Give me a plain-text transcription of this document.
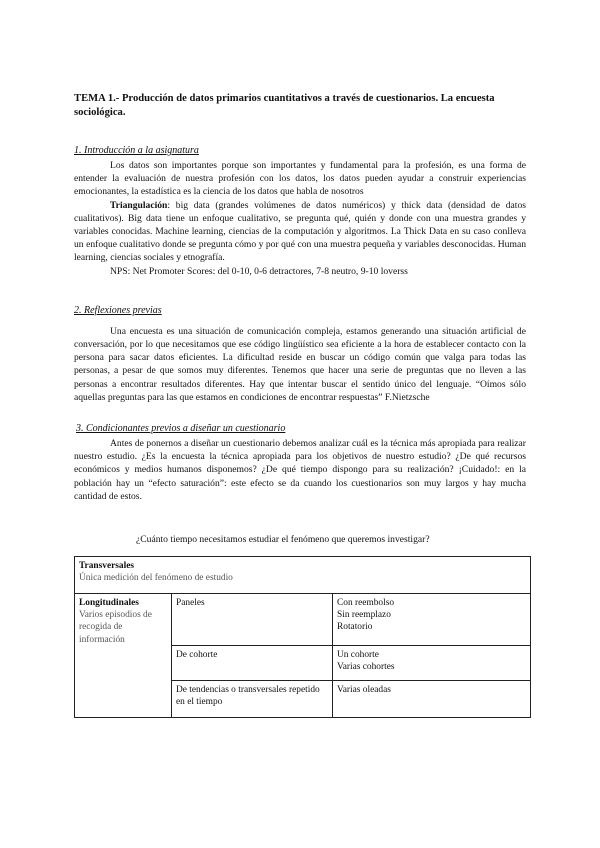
TEMA 1.- Producción de datos primarios cuantitativos a través de cuestionarios. La encuesta sociológica.
1. Introducción a la asignatura

Los datos son importantes porque son importantes y fundamental para la profesión, es una forma de entender la evaluación de nuestra profesión con los datos, los datos pueden ayudar a construir experiencias emocionantes, la estadística es la ciencia de los datos que habla de nosotros

Triangulación: big data (grandes volúmenes de datos numéricos) y thick data (densidad de datos cualitativos). Big data tiene un enfoque cualitativo, se pregunta qué, quién y donde con una muestra grandes y variables conocidas. Machine learning, ciencias de la computación y algoritmos. La Thick Data en su caso conlleva un enfoque cualitativo donde se pregunta cómo y por qué con una muestra pequeña y variables desconocidas. Human learning, ciencias sociales y etnografía.

NPS: Net Promoter Scores: del 0-10, 0-6 detractores, 7-8 neutro, 9-10 loverss

2. Reflexiones previas

Una encuesta es una situación de comunicación compleja, estamos generando una situación artificial de conversación, por lo que necesitamos que ese código lingüístico sea eficiente a la hora de establecer contacto con la persona para sacar datos eficientes. La dificultad reside en buscar un código común que valga para todas las personas, a pesar de que somos muy diferentes. Tenemos que hacer una serie de preguntas que no lleven a las personas a encontrar resultados diferentes. Hay que intentar buscar el sentido único del lenguaje. “Oímos sólo aquellas preguntas para las que estamos en condiciones de encontrar respuestas” F.Nietzsche

3. Condicionantes previos a diseñar un cuestionario

Antes de ponernos a diseñar un cuestionario debemos analizar cuál es la técnica más apropiada para realizar nuestro estudio. ¿Es la encuesta la técnica apropiada para los objetivos de nuestro estudio? ¿De qué recursos económicos y medios humanos disponemos? ¿De qué tiempo dispongo para su realización? ¡Cuidado!: en la población hay un “efecto saturación”: este efecto se da cuando los cuestionarios son muy largos y hay mucha cantidad de estos.

¿Cuánto tiempo necesitamos estudiar el fenómeno que queremos investigar?
Transversales
Única medición del fenómeno de estudio		

Longitudinales
Varios episodios de recogida de información	Paneles	Con reembolso
Sin reemplazo
Rotatorio

	De cohorte	Un cohorte
Varias cohortes

	De tendencias o transversales repetido en el tiempo	Varias oleadas
